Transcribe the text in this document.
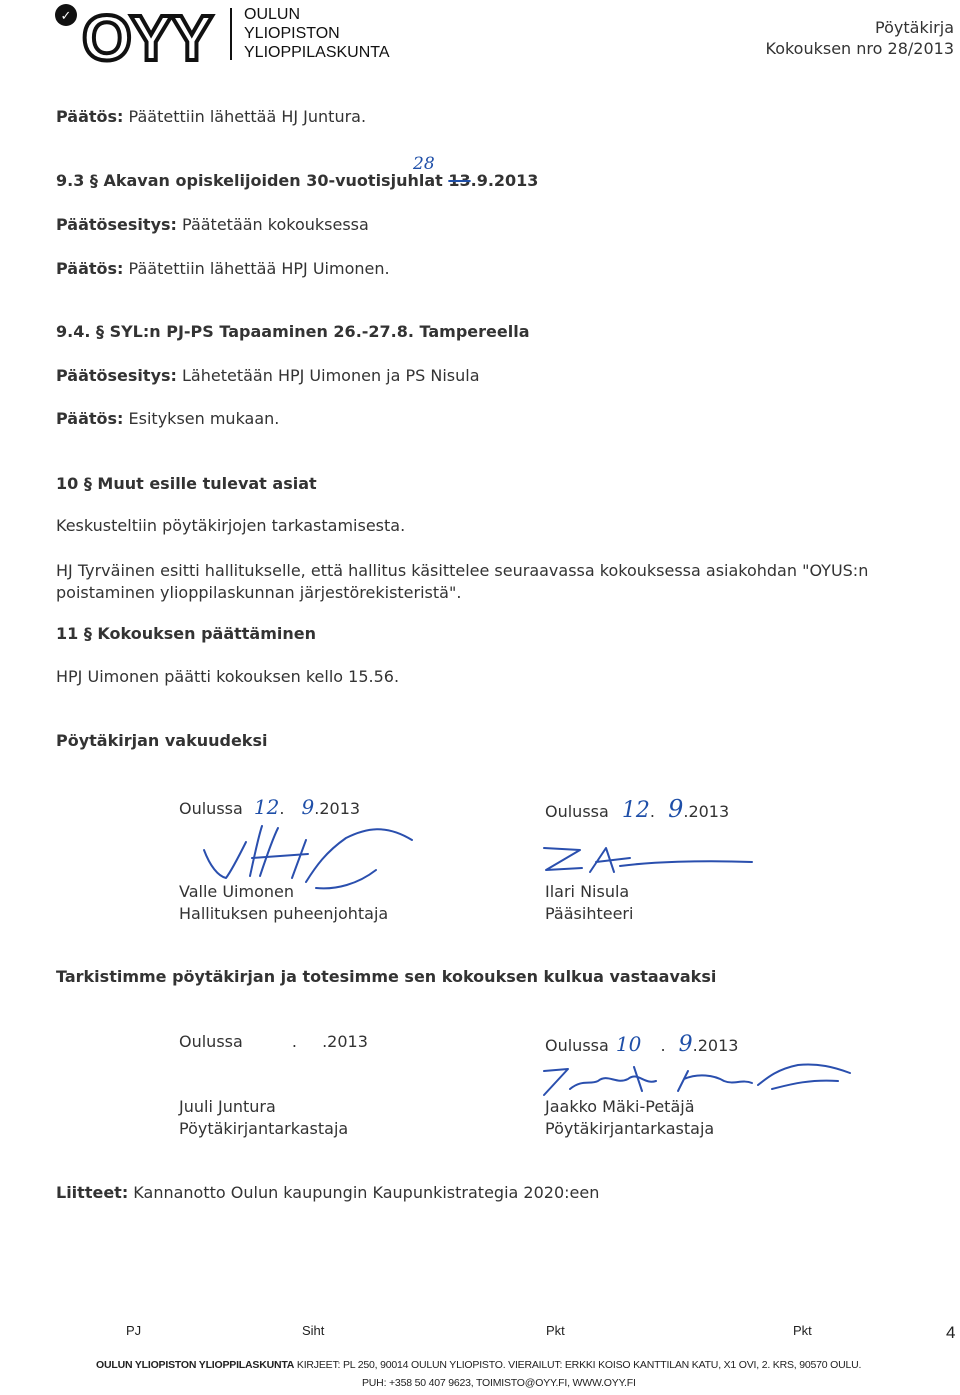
✓ OYY OULUN
YLIOPISTON
YLIOPPILASKUNTA
Pöytäkirja
Kokouksen nro 28/2013
Päätös: Päätettiin lähettää HJ Juntura.
28
9.3 § Akavan opiskelijoiden 30-vuotisjuhlat 13.9.2013
Päätösesitys: Päätetään kokouksessa
Päätös: Päätettiin lähettää HPJ Uimonen.
9.4. § SYL:n PJ-PS Tapaaminen 26.-27.8. Tampereella
Päätösesitys: Lähetetään HPJ Uimonen ja PS Nisula
Päätös: Esityksen mukaan.
10 § Muut esille tulevat asiat
Keskusteltiin pöytäkirjojen tarkastamisesta.
HJ Tyrväinen esitti hallitukselle, että hallitus käsittelee seuraavassa kokouksessa asiakohdan "OYUS:n
poistaminen ylioppilaskunnan järjestörekisteristä".
11 § Kokouksen päättäminen
HPJ Uimonen päätti kokouksen kello 15.56.
Pöytäkirjan vakuudeksi
Oulussa 12. 9.2013	Oulussa 12. 9.2013
Valle Uimonen
Hallituksen puheenjohtaja
Ilari Nisula
Pääsihteeri
Tarkistimme pöytäkirjan ja totesimme sen kokouksen kulkua vastaavaksi
Oulussa	. .2013	Oulussa 10 . 9.2013
Juuli Juntura
Pöytäkirjantarkastaja
Jaakko Mäki-Petäjä
Pöytäkirjantarkastaja
Liitteet: Kannanotto Oulun kaupungin Kaupunkistrategia 2020:een
PJ	Siht	Pkt	Pkt	4
OULUN YLIOPISTON YLIOPPILASKUNTA KIRJEET: PL 250, 90014 OULUN YLIOPISTO. VIERAILUT: ERKKI KOISO KANTTILAN KATU, X1 OVI, 2. KRS, 90570 OULU.
PUH: +358 50 407 9623, TOIMISTO@OYY.FI, WWW.OYY.FI
